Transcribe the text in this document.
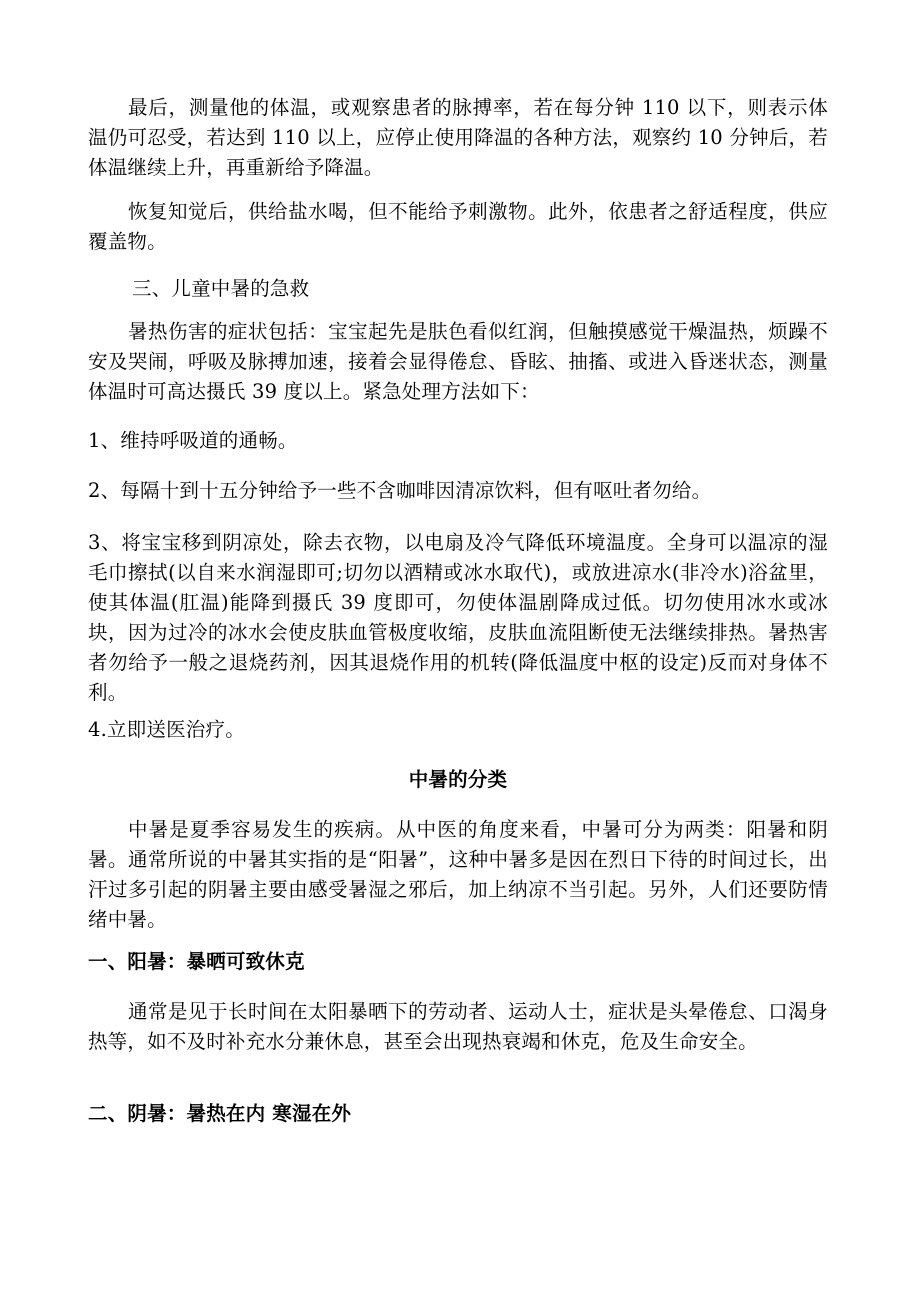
最后，测量他的体温，或观察患者的脉搏率，若在每分钟 110 以下，则表示体温仍可忍受，若达到 110 以上，应停止使用降温的各种方法，观察约 10 分钟后，若体温继续上升，再重新给予降温。

恢复知觉后，供给盐水喝，但不能给予刺激物。此外，依患者之舒适程度，供应覆盖物。

三、儿童中暑的急救

暑热伤害的症状包括：宝宝起先是肤色看似红润，但触摸感觉干燥温热，烦躁不安及哭闹，呼吸及脉搏加速，接着会显得倦怠、昏眩、抽搐、或进入昏迷状态，测量体温时可高达摄氏 39 度以上。紧急处理方法如下：

1、维持呼吸道的通畅。

2、每隔十到十五分钟给予一些不含咖啡因清凉饮料，但有呕吐者勿给。

3、将宝宝移到阴凉处，除去衣物，以电扇及冷气降低环境温度。全身可以温凉的湿毛巾擦拭(以自来水润湿即可;切勿以酒精或冰水取代)，或放进凉水(非冷水)浴盆里，使其体温(肛温)能降到摄氏 39 度即可，勿使体温剧降成过低。切勿使用冰水或冰块，因为过冷的冰水会使皮肤血管极度收缩，皮肤血流阻断使无法继续排热。暑热害者勿给予一般之退烧药剂，因其退烧作用的机转(降低温度中枢的设定)反而对身体不利。

4.立即送医治疗。

中暑的分类

中暑是夏季容易发生的疾病。从中医的角度来看，中暑可分为两类：阳暑和阴暑。通常所说的中暑其实指的是“阳暑”，这种中暑多是因在烈日下待的时间过长，出汗过多引起的阴暑主要由感受暑湿之邪后，加上纳凉不当引起。另外，人们还要防情绪中暑。

一、阳暑：暴晒可致休克

通常是见于长时间在太阳暴晒下的劳动者、运动人士，症状是头晕倦怠、口渴身热等，如不及时补充水分兼休息，甚至会出现热衰竭和休克，危及生命安全。

二、阴暑：暑热在内 寒湿在外
